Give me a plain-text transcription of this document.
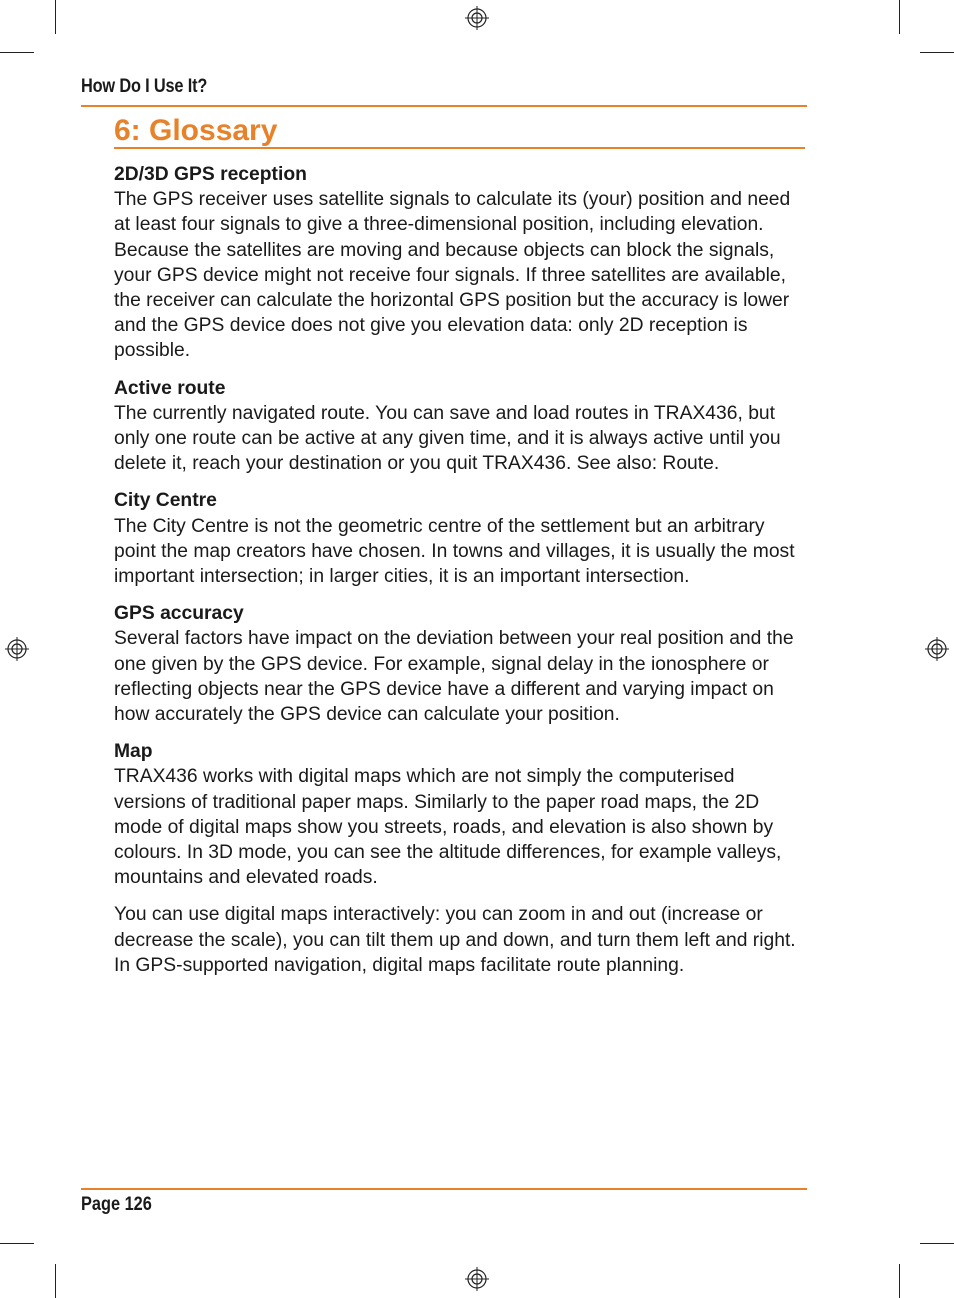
How Do I Use It?
6: Glossary
2D/3D GPS reception

The GPS receiver uses satellite signals to calculate its (your) position and need at least four signals to give a three-dimensional position, including elevation. Because the satellites are moving and because objects can block the signals, your GPS device might not receive four signals. If three satellites are available, the receiver can calculate the horizontal GPS position but the accuracy is lower and the GPS device does not give you elevation data: only 2D reception is possible.

Active route

The currently navigated route. You can save and load routes in TRAX436, but only one route can be active at any given time, and it is always active until you delete it, reach your destination or you quit TRAX436. See also: Route.

City Centre

The City Centre is not the geometric centre of the settlement but an arbitrary point the map creators have chosen. In towns and villages, it is usually the most important intersection; in larger cities, it is an important intersection.

GPS accuracy

Several factors have impact on the deviation between your real position and the one given by the GPS device. For example, signal delay in the ionosphere or reflecting objects near the GPS device have a different and varying impact on how accurately the GPS device can calculate your position.

Map

TRAX436 works with digital maps which are not simply the computerised versions of traditional paper maps. Similarly to the paper road maps, the 2D mode of digital maps show you streets, roads, and elevation is also shown by colours. In 3D mode, you can see the altitude differences, for example valleys, mountains and elevated roads.

You can use digital maps interactively: you can zoom in and out (increase or decrease the scale), you can tilt them up and down, and turn them left and right. In GPS-supported navigation, digital maps facilitate route planning.

Page 126
